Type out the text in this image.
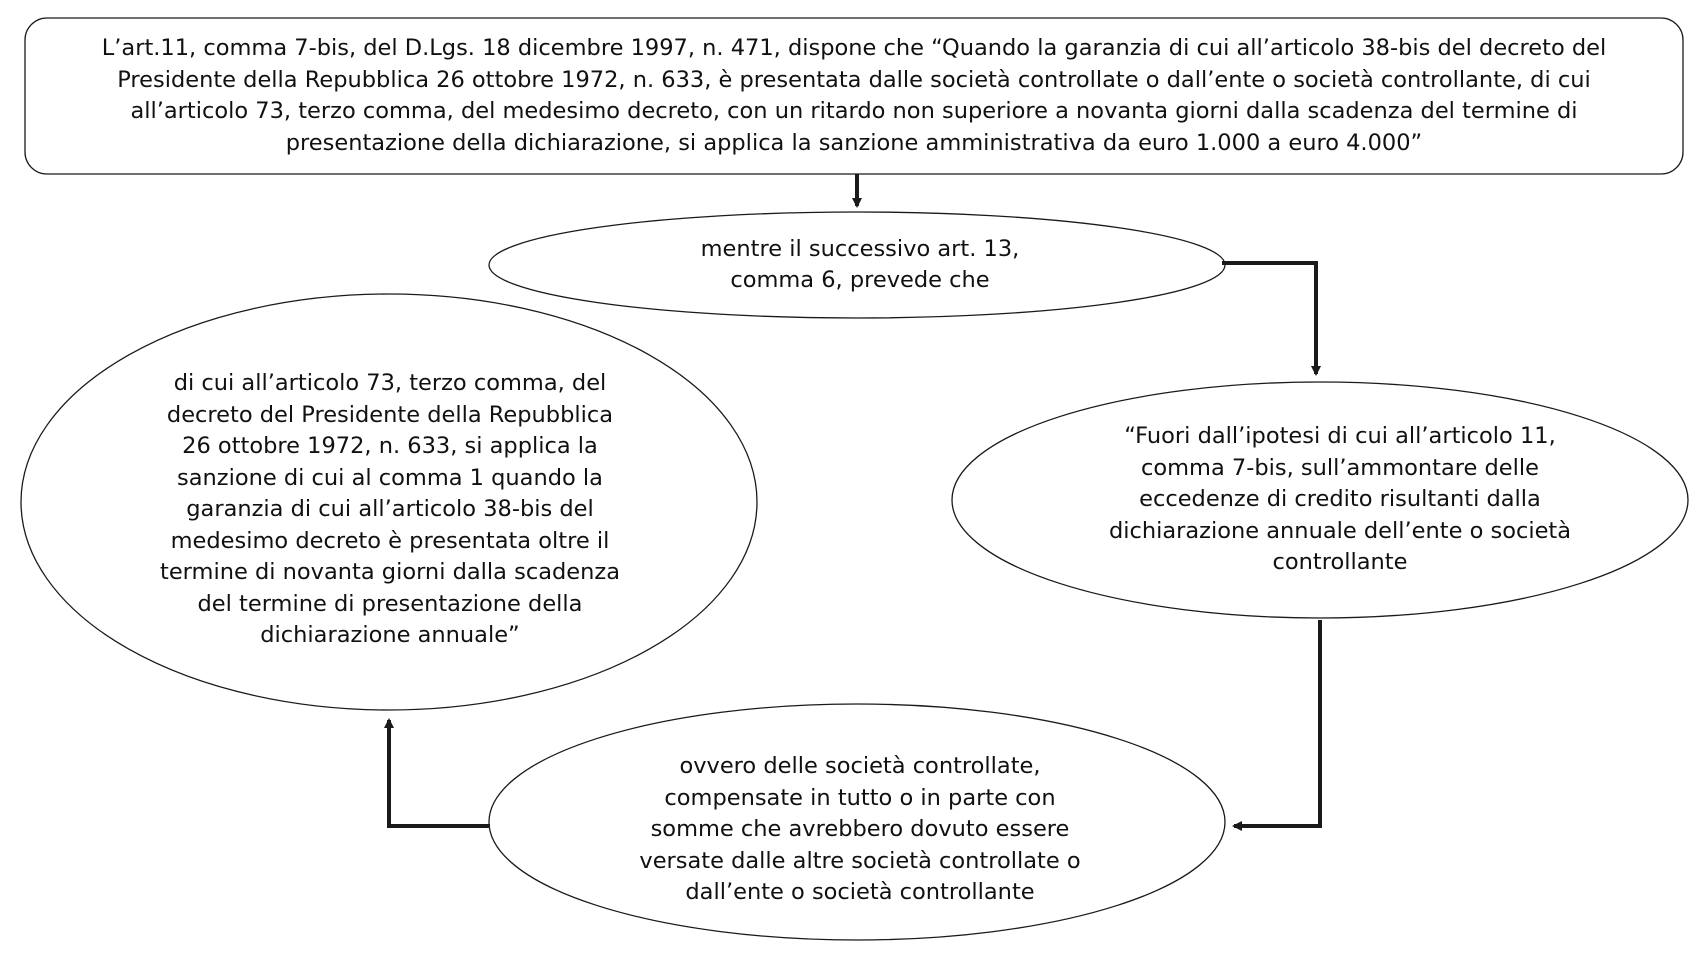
L’art.11, comma 7-bis, del D.Lgs. 18 dicembre 1997, n. 471, dispone che “Quando la garanzia di cui all’articolo 38-bis del decreto del
Presidente della Repubblica 26 ottobre 1972, n. 633, è presentata dalle società controllate o dall’ente o società controllante, di cui
all’articolo 73, terzo comma, del medesimo decreto, con un ritardo non superiore a novanta giorni dalla scadenza del termine di
presentazione della dichiarazione, si applica la sanzione amministrativa da euro 1.000 a euro 4.000”
mentre il successivo art. 13,
comma 6, prevede che
“Fuori dall’ipotesi di cui all’articolo 11,
comma 7-bis, sull’ammontare delle
eccedenze di credito risultanti dalla
dichiarazione annuale dell’ente o società
controllante
di cui all’articolo 73, terzo comma, del
decreto del Presidente della Repubblica
26 ottobre 1972, n. 633, si applica la
sanzione di cui al comma 1 quando la
garanzia di cui all’articolo 38-bis del
medesimo decreto è presentata oltre il
termine di novanta giorni dalla scadenza
del termine di presentazione della
dichiarazione annuale”
ovvero delle società controllate,
compensate in tutto o in parte con
somme che avrebbero dovuto essere
versate dalle altre società controllate o
dall’ente o società controllante
